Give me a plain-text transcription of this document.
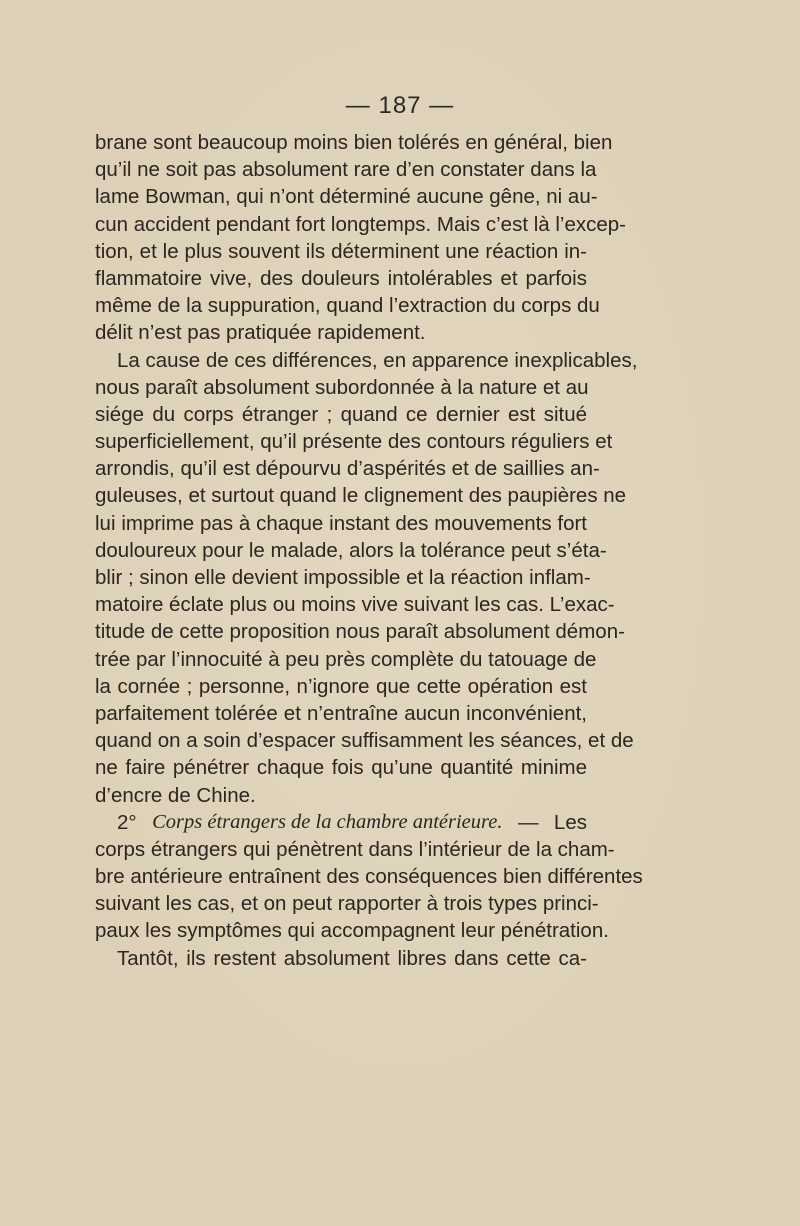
— 187 —
brane sont beaucoup moins bien tolérés en général, bien
qu’il ne soit pas absolument rare d’en constater dans la
lame Bowman, qui n’ont déterminé aucune gêne, ni au-
cun accident pendant fort longtemps. Mais c’est là l’excep-
tion, et le plus souvent ils déterminent une réaction in-
flammatoire vive, des douleurs intolérables et parfois
même de la suppuration, quand l’extraction du corps du
délit n’est pas pratiquée rapidement.
La cause de ces différences, en apparence inexplicables,
nous paraît absolument subordonnée à la nature et au
siége du corps étranger ; quand ce dernier est situé
superficiellement, qu’il présente des contours réguliers et
arrondis, qu’il est dépourvu d’aspérités et de saillies an-
guleuses, et surtout quand le clignement des paupières ne
lui imprime pas à chaque instant des mouvements fort
douloureux pour le malade, alors la tolérance peut s’éta-
blir ; sinon elle devient impossible et la réaction inflam-
matoire éclate plus ou moins vive suivant les cas. L’exac-
titude de cette proposition nous paraît absolument démon-
trée par l’innocuité à peu près complète du tatouage de
la cornée ; personne, n’ignore que cette opération est
parfaitement tolérée et n’entraîne aucun inconvénient,
quand on a soin d’espacer suffisamment les séances, et de
ne faire pénétrer chaque fois qu’une quantité minime
d’encre de Chine.
2° Corps étrangers de la chambre antérieure. — Les
corps étrangers qui pénètrent dans l’intérieur de la cham-
bre antérieure entraînent des conséquences bien différentes
suivant les cas, et on peut rapporter à trois types princi-
paux les symptômes qui accompagnent leur pénétration.
Tantôt, ils restent absolument libres dans cette ca-
